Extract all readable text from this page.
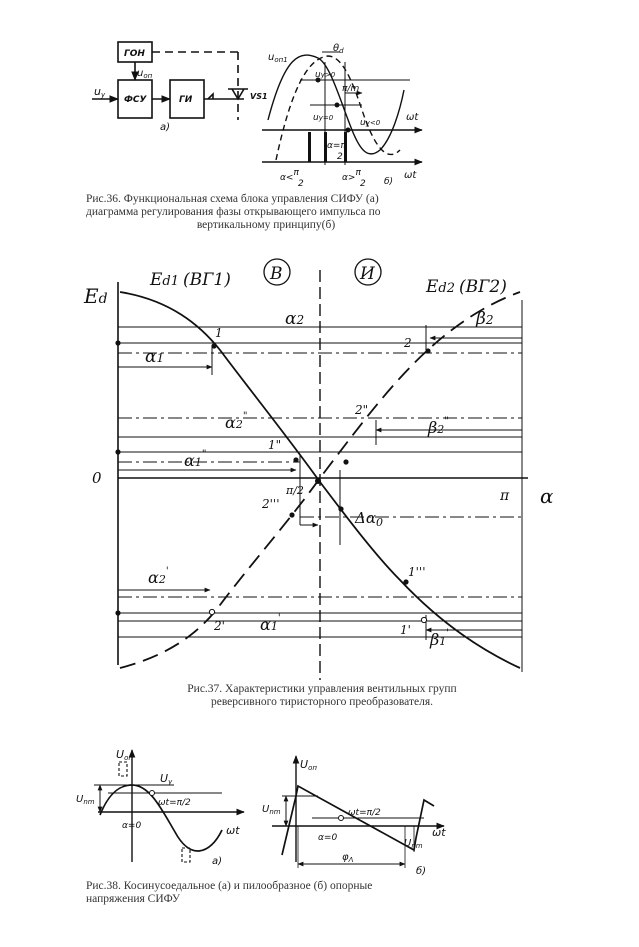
ГОН
ФСУ	ГИ	VS1
uу
$u_{оп}$
а)
$u_{оп1}$
$\theta_d$
uу>0
uу=0	uу<0
π/m
α=π 2
ωt
ωt
α<π2
α>π2 б)
В	И
Ed
Ed1 (ВГ1)	Ed2 (ВГ2)
0
π/2	π α
α2	β2
α1
1
2
α2"	2"
β2"
1"
α1"
2'''
$\Delta\alpha_0$
1'''
α2'
2' α1'
1' β1'
Uоп
$U_{nm}$
Uy
ωt=π/2
α=0	ωt
а)
Uоп
$U_{nm}$	ωt=π/2
α=0
$\varphi_\Lambda$
$U_{nm}$
ωt
б)
Рис.36. Функциональная схема блока управления СИФУ (а)
диаграмма регулирования фазы открывающего импульса по

вертикальному принципу(б)
Рис.37. Характеристики управления вентильных групп
реверсивного тиристорного преобразователя.
Рис.38. Косинусоедальное (а) и пилообразное (б) опорные
напряжения СИФУ
